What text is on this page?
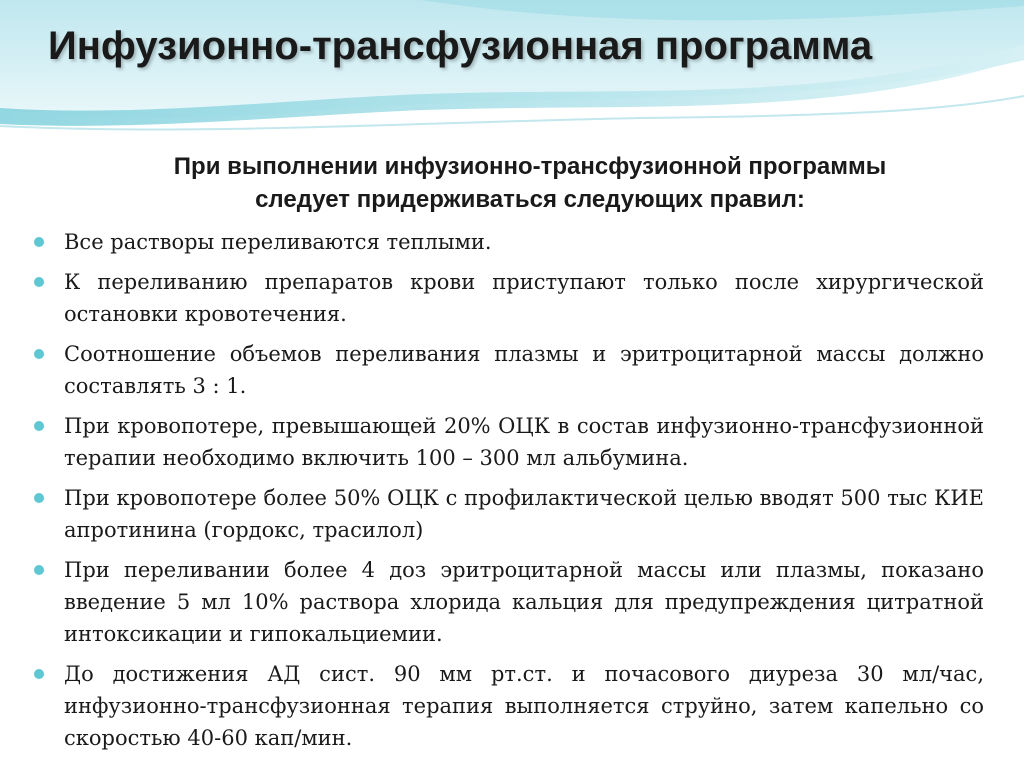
Инфузионно-трансфузионная программа
При выполнении инфузионно-трансфузионной программы
следует придерживаться следующих правил:
Все растворы переливаются теплыми.
К переливанию препаратов крови приступают только после хирургической остановки кровотечения.
Соотношение объемов переливания плазмы и эритроцитарной массы должно составлять 3 : 1.
При кровопотере, превышающей 20% ОЦК в состав инфузионно-трансфузионной терапии необходимо включить 100 – 300 мл альбумина.
При кровопотере более 50% ОЦК с профилактической целью вводят 500 тыс КИЕ апротинина (гордокс, трасилол)
При переливании более 4 доз эритроцитарной массы или плазмы, показано введение 5 мл 10% раствора хлорида кальция для предупреждения цитратной интоксикации и гипокальциемии.
До достижения АД сист. 90 мм рт.ст. и почасового диуреза 30 мл/час, инфузионно-трансфузионная терапия выполняется струйно, затем капельно со скоростью 40-60 кап/мин.
